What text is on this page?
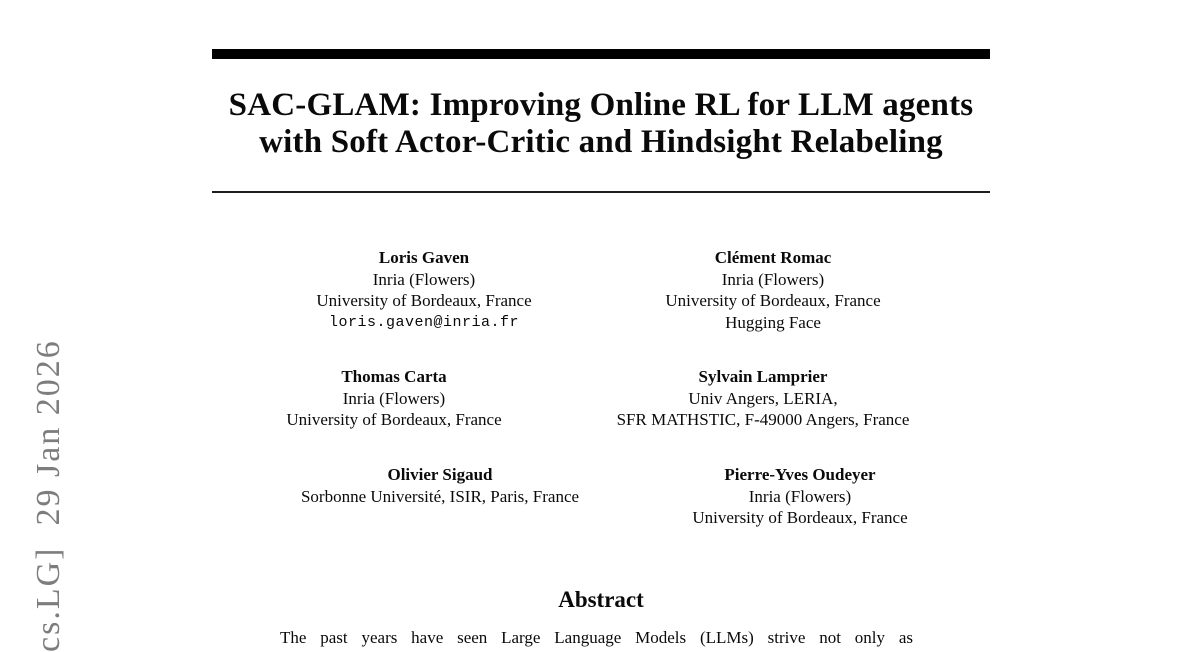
cs.LG]  29 Jan 2026
SAC-GLAM: Improving Online RL for LLM agents
with Soft Actor-Critic and Hindsight Relabeling
Loris Gaven
Inria (Flowers)
University of Bordeaux, France
loris.gaven@inria.fr
Clément Romac
Inria (Flowers)
University of Bordeaux, France
Hugging Face
Thomas Carta
Inria (Flowers)
University of Bordeaux, France
Sylvain Lamprier
Univ Angers, LERIA,
SFR MATHSTIC, F-49000 Angers, France
Olivier Sigaud
Sorbonne Université, ISIR, Paris, France
Pierre-Yves Oudeyer
Inria (Flowers)
University of Bordeaux, France
Abstract
The past years have seen Large Language Models (LLMs) strive not only as
